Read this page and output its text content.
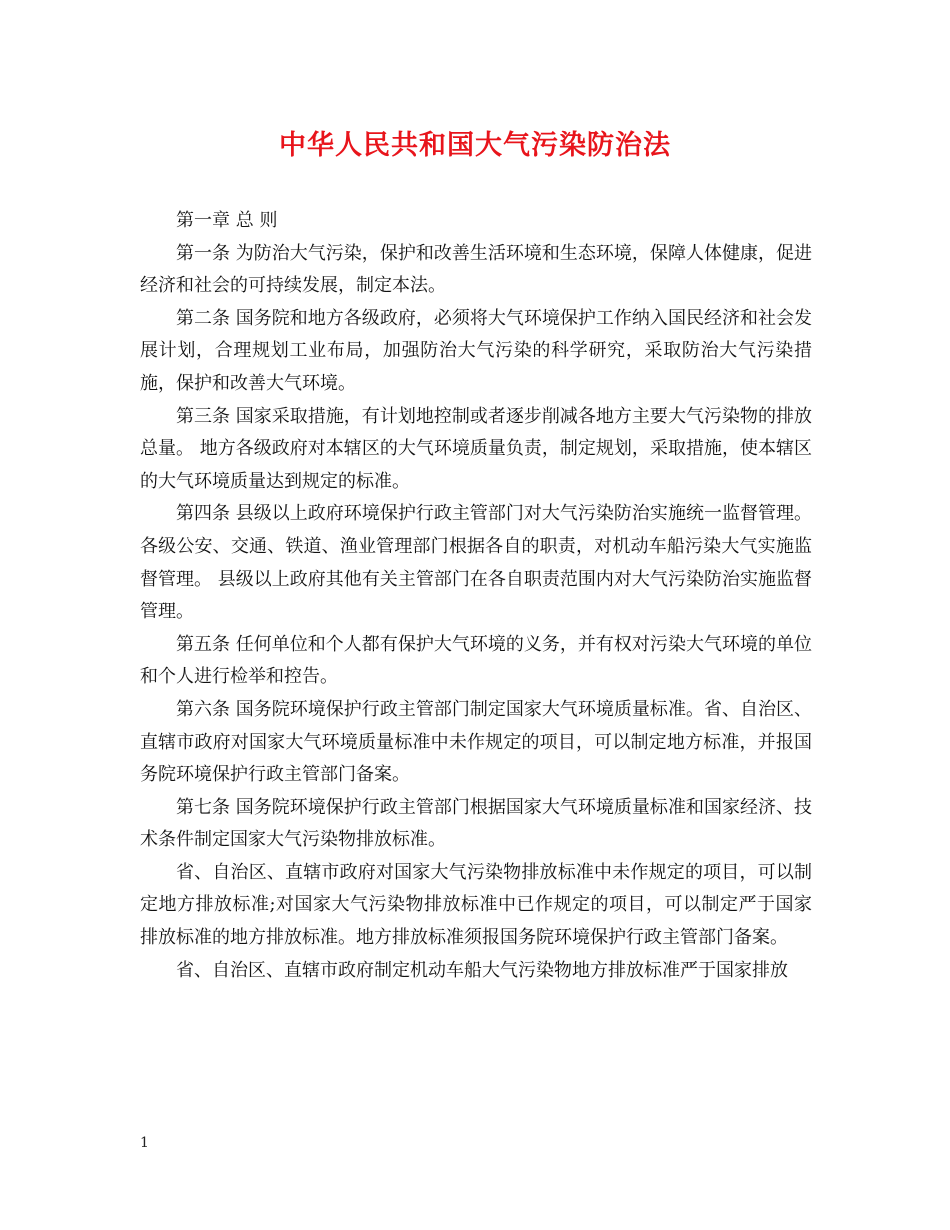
中华人民共和国大气污染防治法

第一章 总 则

第一条 为防治大气污染，保护和改善生活环境和生态环境，保障人体健康，促进经济和社会的可持续发展，制定本法。

第二条 国务院和地方各级政府，必须将大气环境保护工作纳入国民经济和社会发展计划，合理规划工业布局，加强防治大气污染的科学研究，采取防治大气污染措施，保护和改善大气环境。

第三条 国家采取措施，有计划地控制或者逐步削减各地方主要大气污染物的排放总量。 地方各级政府对本辖区的大气环境质量负责，制定规划，采取措施，使本辖区的大气环境质量达到规定的标准。

第四条 县级以上政府环境保护行政主管部门对大气污染防治实施统一监督管理。 各级公安、交通、铁道、渔业管理部门根据各自的职责，对机动车船污染大气实施监督管理。 县级以上政府其他有关主管部门在各自职责范围内对大气污染防治实施监督管理。

第五条 任何单位和个人都有保护大气环境的义务，并有权对污染大气环境的单位和个人进行检举和控告。

第六条 国务院环境保护行政主管部门制定国家大气环境质量标准。省、自治区、直辖市政府对国家大气环境质量标准中未作规定的项目，可以制定地方标准，并报国务院环境保护行政主管部门备案。

第七条 国务院环境保护行政主管部门根据国家大气环境质量标准和国家经济、技术条件制定国家大气污染物排放标准。

省、自治区、直辖市政府对国家大气污染物排放标准中未作规定的项目，可以制定地方排放标准;对国家大气污染物排放标准中已作规定的项目，可以制定严于国家排放标准的地方排放标准。地方排放标准须报国务院环境保护行政主管部门备案。

省、自治区、直辖市政府制定机动车船大气污染物地方排放标准严于国家排放

1
